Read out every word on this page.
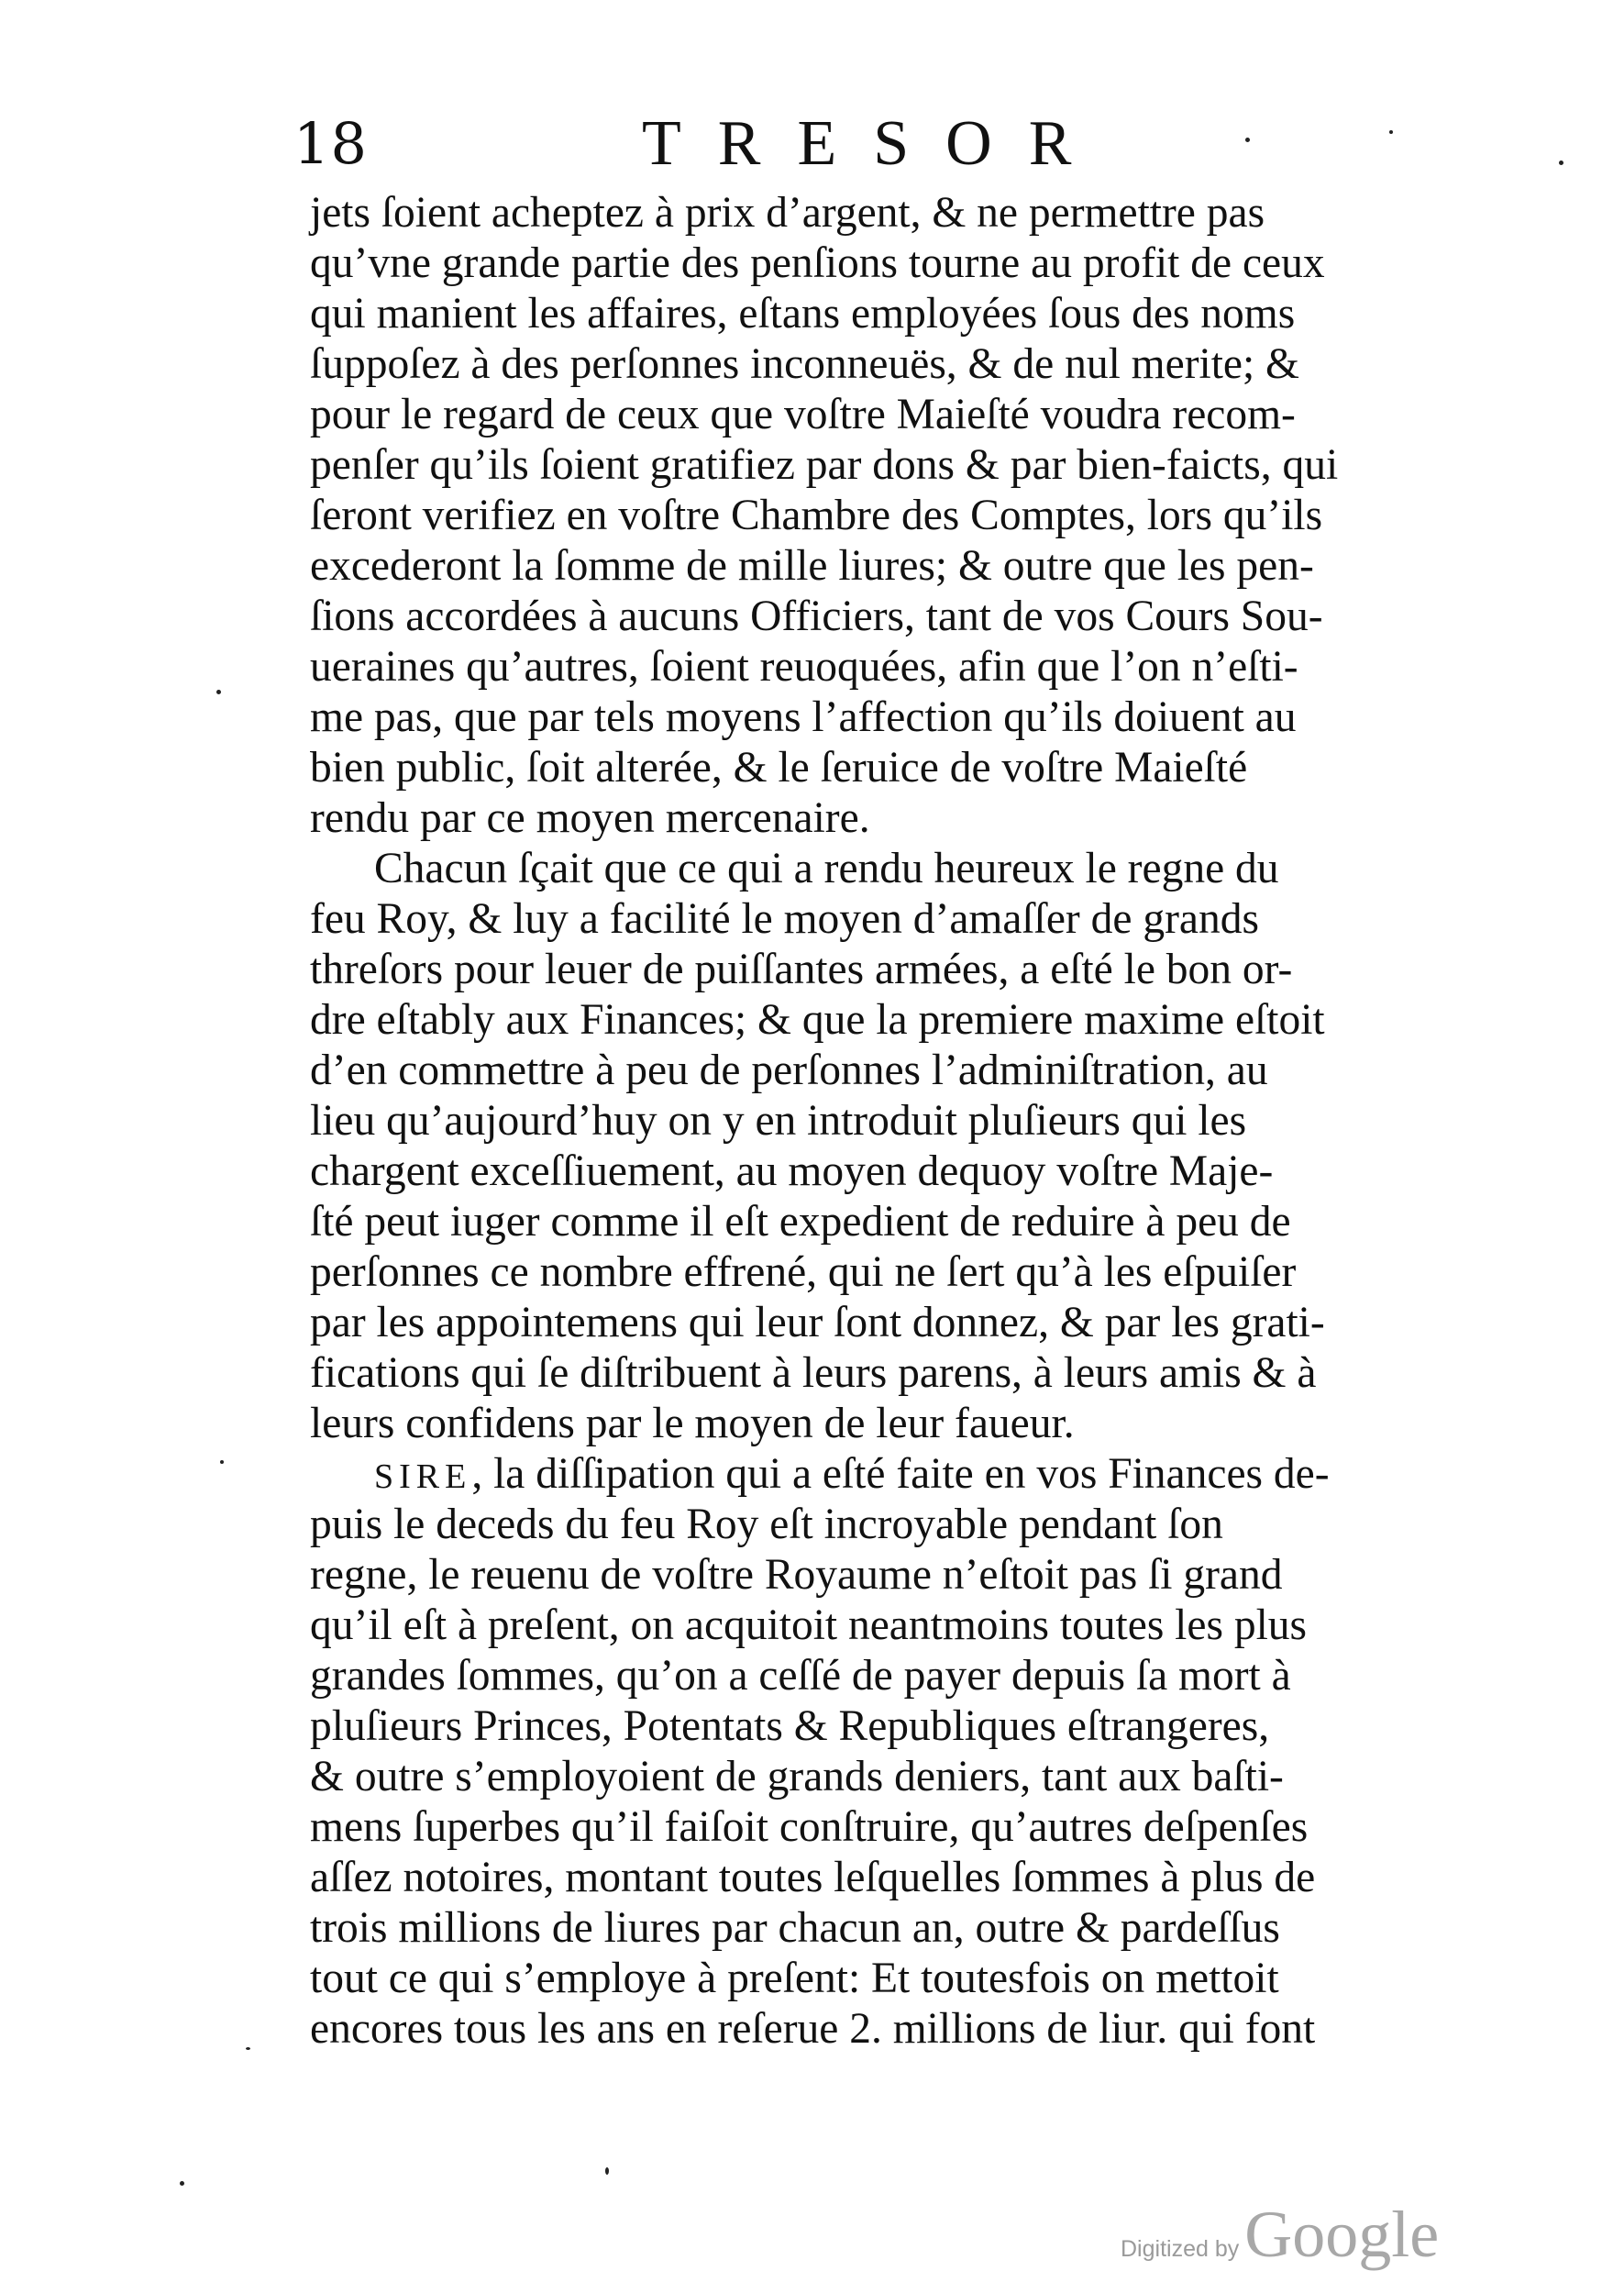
18	TRESOR
jets ſoient acheptez à prix d’argent, & ne permettre pas
qu’vne grande partie des penſions tourne au profit de ceux
qui manient les affaires, eſtans employées ſous des noms
ſuppoſez à des perſonnes inconneuës, & de nul merite; &
pour le regard de ceux que voſtre Maieſté voudra recom-
penſer qu’ils ſoient gratifiez par dons & par bien-faicts, qui
ſeront verifiez en voſtre Chambre des Comptes, lors qu’ils
excederont la ſomme de mille liures; & outre que les pen-
ſions accordées à aucuns Officiers, tant de vos Cours Sou-
ueraines qu’autres, ſoient reuoquées, afin que l’on n’eſti-
me pas, que par tels moyens l’affection qu’ils doiuent au
bien public, ſoit alterée, & le ſeruice de voſtre Maieſté
rendu par ce moyen mercenaire.
Chacun ſçait que ce qui a rendu heureux le regne du
feu Roy, & luy a facilité le moyen d’amaſſer de grands
threſors pour leuer de puiſſantes armées, a eſté le bon or-
dre eſtably aux Finances; & que la premiere maxime eſtoit
d’en commettre à peu de perſonnes l’adminiſtration, au
lieu qu’aujourd’huy on y en introduit pluſieurs qui les
chargent exceſſiuement, au moyen dequoy voſtre Maje-
ſté peut iuger comme il eſt expedient de reduire à peu de
perſonnes ce nombre effrené, qui ne ſert qu’à les eſpuiſer
par les appointemens qui leur ſont donnez, & par les grati-
fications qui ſe diſtribuent à leurs parens, à leurs amis & à
leurs confidens par le moyen de leur faueur.
SIRE, la diſſipation qui a eſté faite en vos Finances de-
puis le deceds du feu Roy eſt incroyable pendant ſon
regne, le reuenu de voſtre Royaume n’eſtoit pas ſi grand
qu’il eſt à preſent, on acquitoit neantmoins toutes les plus
grandes ſommes, qu’on a ceſſé de payer depuis ſa mort à
pluſieurs Princes, Potentats & Republiques eſtrangeres,
& outre s’employoient de grands deniers, tant aux baſti-
mens ſuperbes qu’il faiſoit conſtruire, qu’autres deſpenſes
aſſez notoires, montant toutes leſquelles ſommes à plus de
trois millions de liures par chacun an, outre & pardeſſus
tout ce qui s’employe à preſent: Et toutesfois on mettoit
encores tous les ans en reſerue 2. millions de liur. qui font
Digitized by Google
